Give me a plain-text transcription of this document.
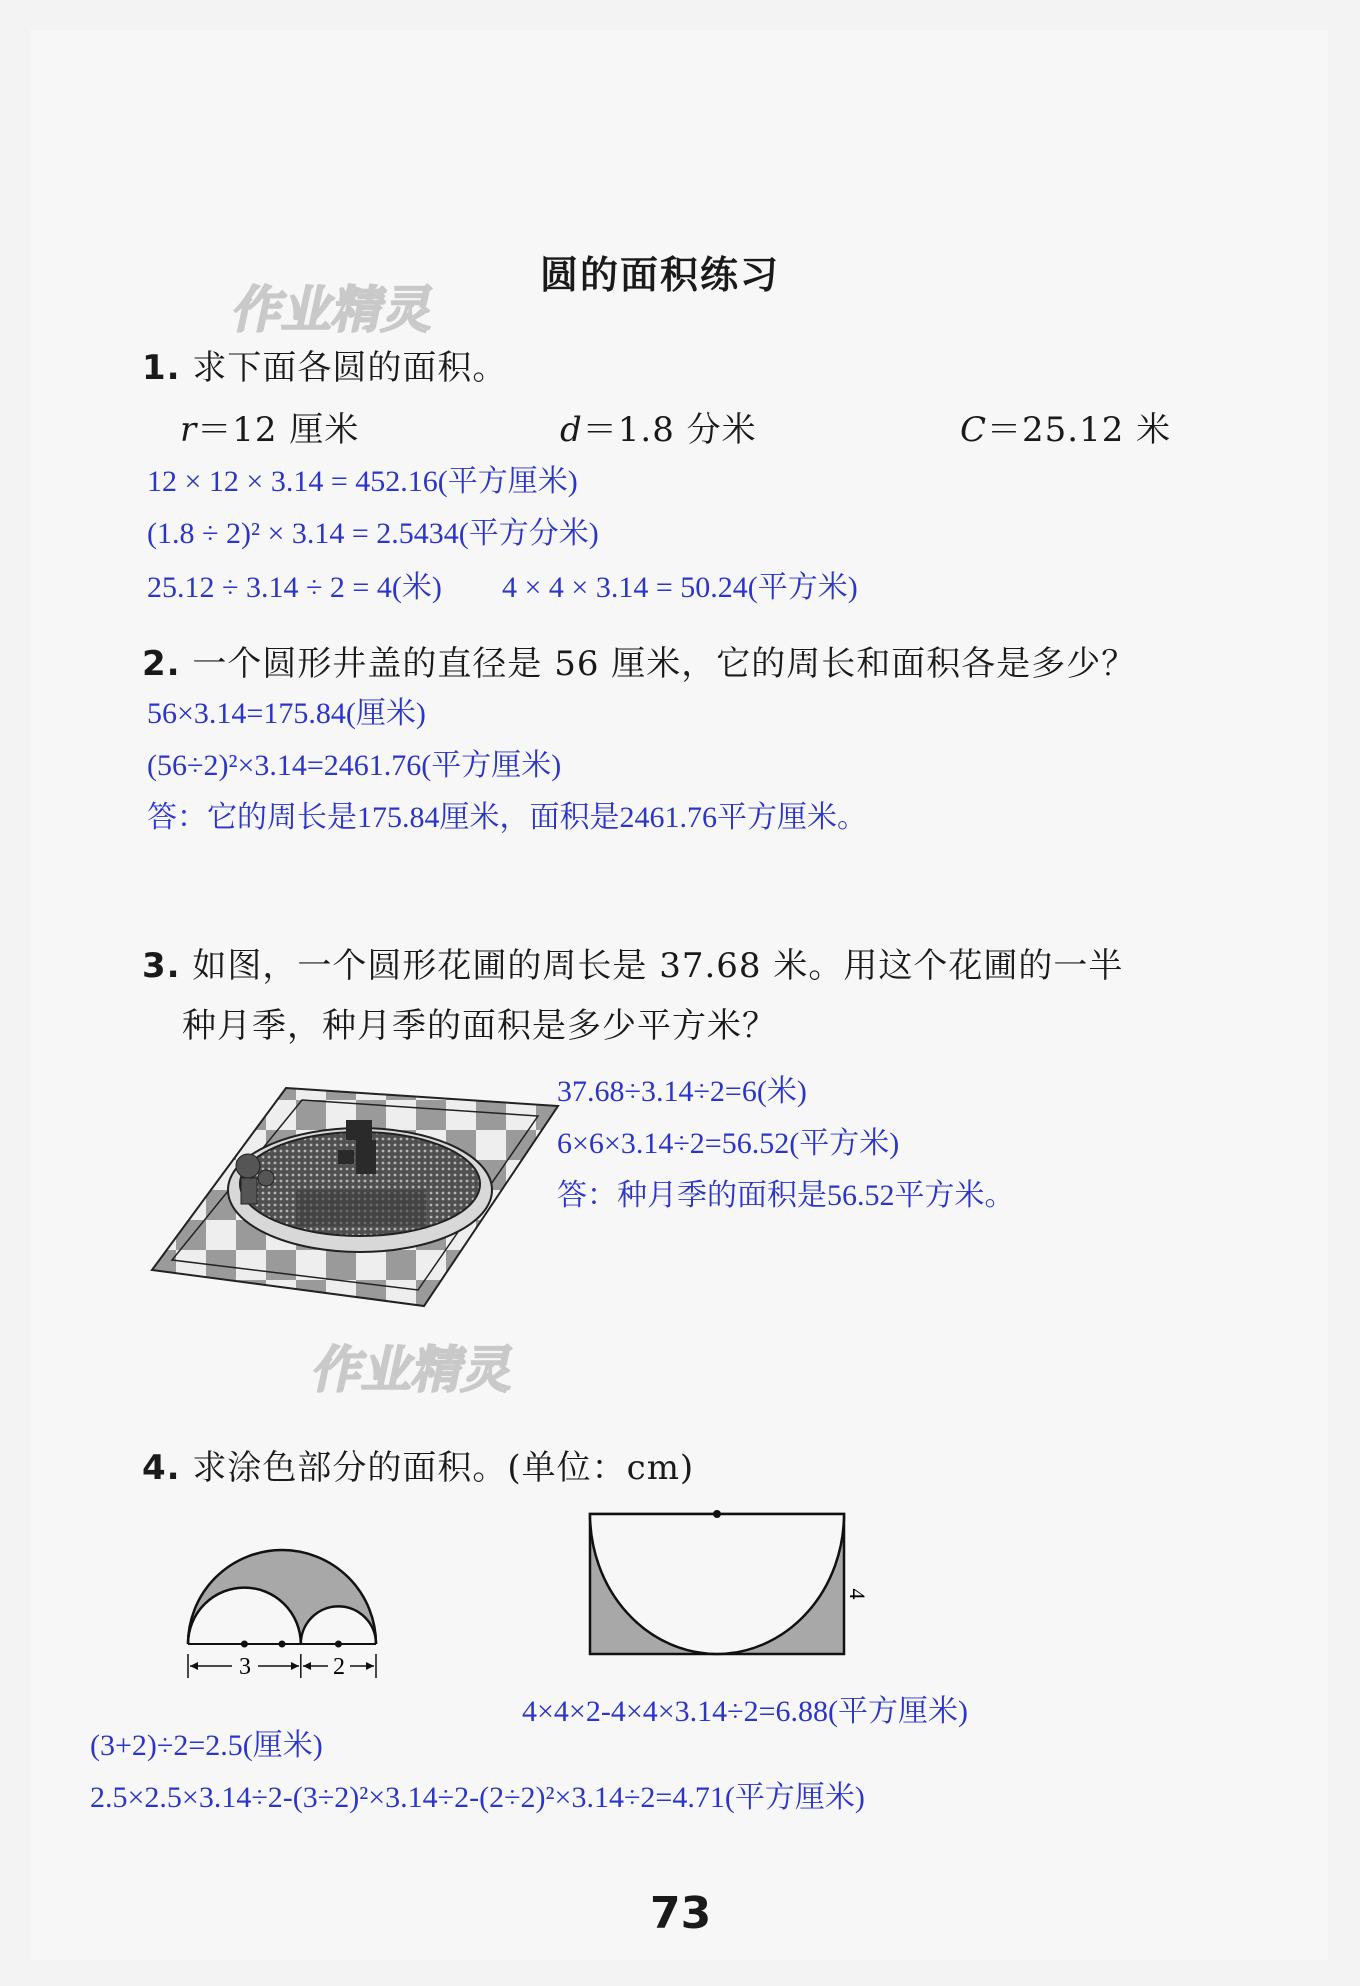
作业精灵
作业精灵
圆的面积练习
1. 求下面各圆的面积。
r＝12 厘米	d＝1.8 分米	C＝25.12 米
12 × 12 × 3.14 = 452.16(平方厘米)
(1.8 ÷ 2)² × 3.14 = 2.5434(平方分米)
25.12 ÷ 3.14 ÷ 2 = 4(米) 4 × 4 × 3.14 = 50.24(平方米)
2. 一个圆形井盖的直径是 56 厘米，它的周长和面积各是多少？
56×3.14=175.84(厘米)
(56÷2)²×3.14=2461.76(平方厘米)
答：它的周长是175.84厘米，面积是2461.76平方厘米。
3. 如图，一个圆形花圃的周长是 37.68 米。用这个花圃的一半
种月季，种月季的面积是多少平方米？
37.68÷3.14÷2=6(米)
6×6×3.14÷2=56.52(平方米)
答：种月季的面积是56.52平方米。
4. 求涂色部分的面积。(单位：cm)
3	2
4
4×4×2-4×4×3.14÷2=6.88(平方厘米)
(3+2)÷2=2.5(厘米)
2.5×2.5×3.14÷2-(3÷2)²×3.14÷2-(2÷2)²×3.14÷2=4.71(平方厘米)
73
